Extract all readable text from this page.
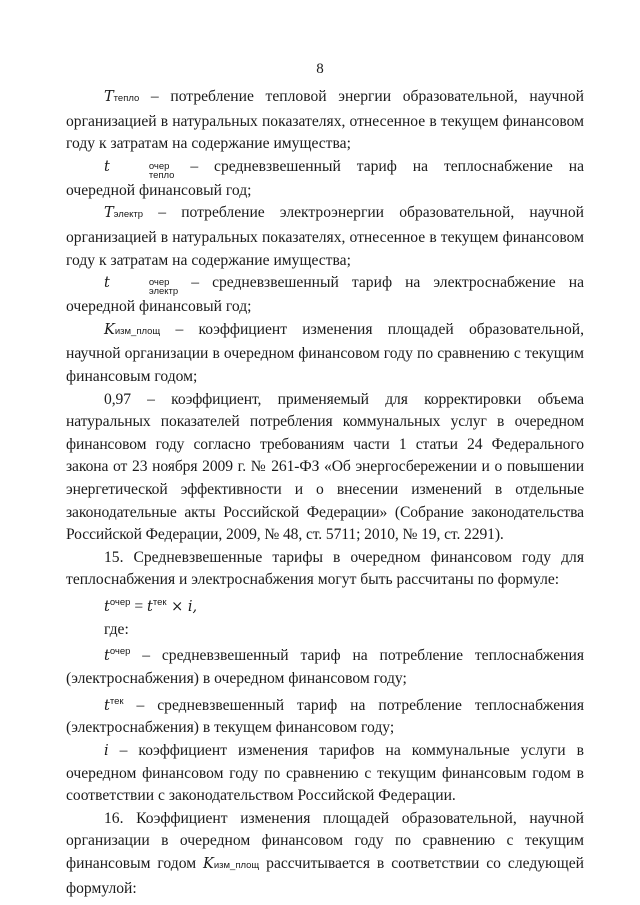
8

Tтепло – потребление тепловой энергии образовательной, научной организацией в натуральных показателях, отнесенное в текущем финансовом году к затратам на содержание имущества;

t	очер
тепло
– средневзвешенный тариф на теплоснабжение на очередной финансовый год;

Tэлектр – потребление электроэнергии образовательной, научной организацией в натуральных показателях, отнесенное в текущем финансовом году к затратам на содержание имущества;

t	очер
электр
– средневзвешенный тариф на электроснабжение на очередной финансовый год;

Kизм_площ – коэффициент изменения площадей образовательной, научной организации в очередном финансовом году по сравнению с текущим финансовым годом;

0,97 – коэффициент, применяемый для корректировки объема натуральных показателей потребления коммунальных услуг в очередном финансовом году согласно требованиям части 1 статьи 24 Федерального закона от 23 ноября 2009 г. № 261-ФЗ «Об энергосбережении и о повышении энергетической эффективности и о внесении изменений в отдельные законодательные акты Российской Федерации» (Собрание законодательства Российской Федерации, 2009, № 48, ст. 5711; 2010, № 19, ст. 2291).

15. Средневзвешенные тарифы в очередном финансовом году для теплоснабжения и электроснабжения могут быть рассчитаны по формуле:

$t^{очер} = t^{тек} \times i$,

где:

$t^{очер}$ – средневзвешенный тариф на потребление теплоснабжения (электроснабжения) в очередном финансовом году;

$t^{тек}$ – средневзвешенный тариф на потребление теплоснабжения (электроснабжения) в текущем финансовом году;

i – коэффициент изменения тарифов на коммунальные услуги в очередном финансовом году по сравнению с текущим финансовым годом в соответствии с законодательством Российской Федерации.

16. Коэффициент изменения площадей образовательной, научной организации в очередном финансовом году по сравнению с текущим финансовым годом Kизм_площ рассчитывается в соответствии со следующей формулой:
